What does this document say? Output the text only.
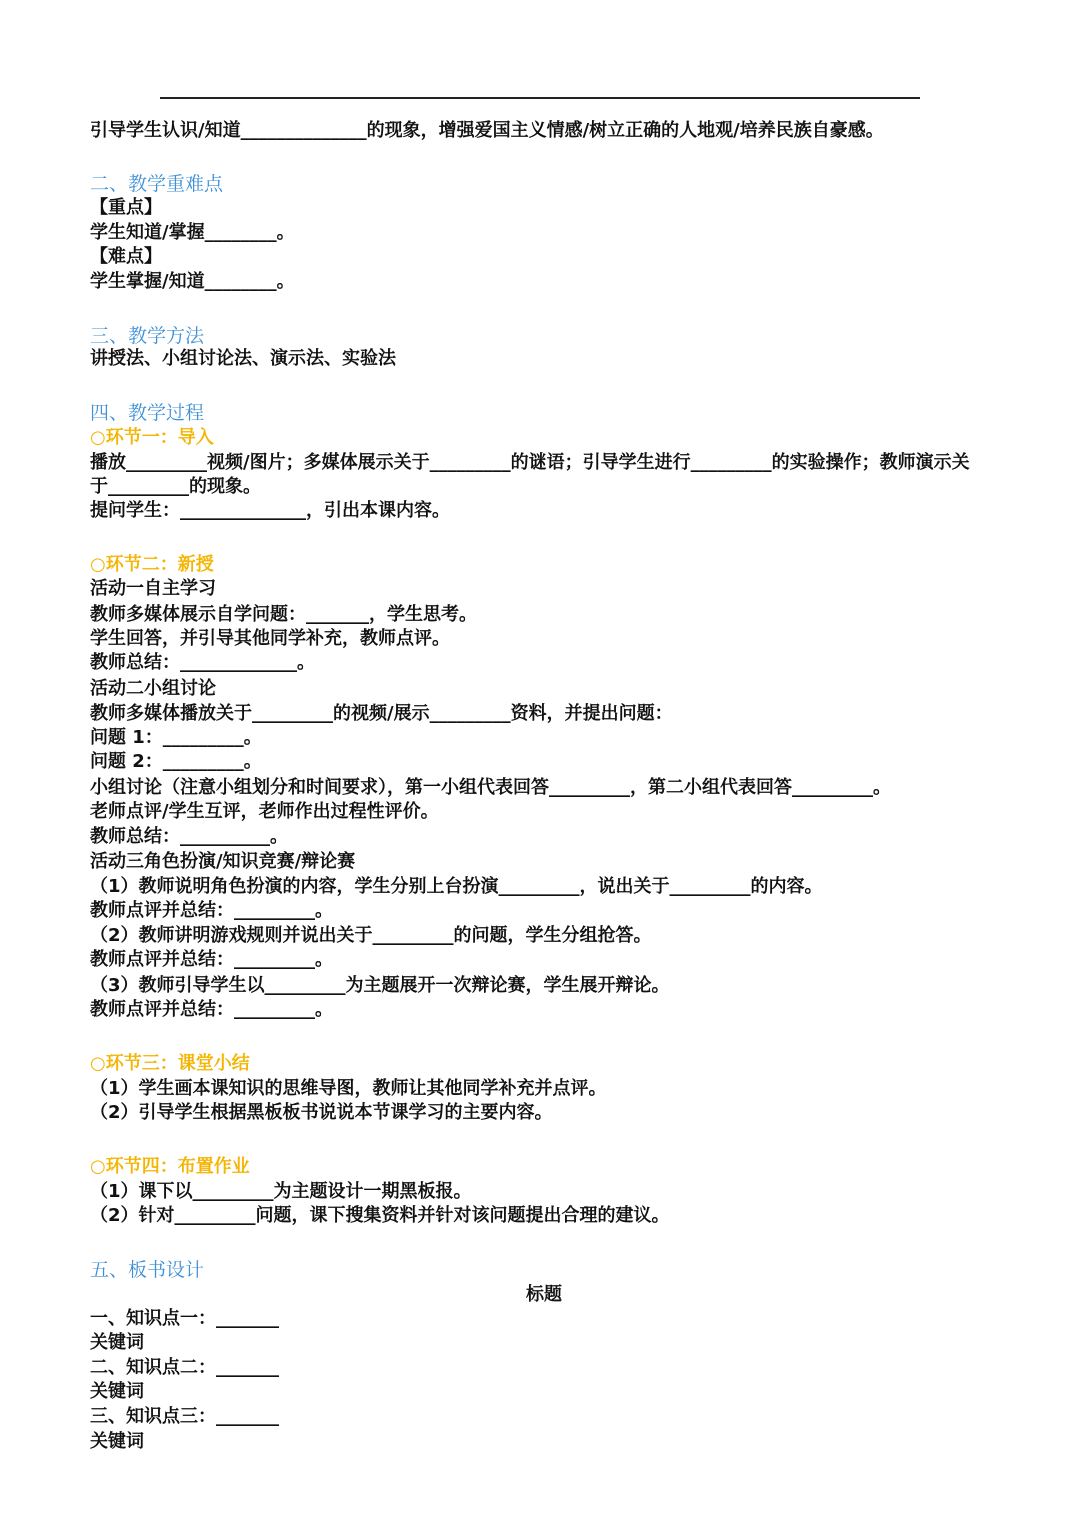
引导学生认识/知道______________的现象，增强爱国主义情感/树立正确的人地观/培养民族自豪感。

二、教学重难点

【重点】

学生知道/掌握________。

【难点】

学生掌握/知道________。

三、教学方法

讲授法、小组讨论法、演示法、实验法

四、教学过程

○环节一：导入

播放_________视频/图片；多媒体展示关于_________的谜语；引导学生进行_________的实验操作；教师演示关

于_________的现象。

提问学生：______________，引出本课内容。

○环节二：新授

活动一自主学习

教师多媒体展示自学问题：_______，学生思考。

学生回答，并引导其他同学补充，教师点评。

教师总结：_____________。

活动二小组讨论

教师多媒体播放关于_________的视频/展示_________资料，并提出问题：

问题 1：_________。

问题 2：_________。

小组讨论（注意小组划分和时间要求），第一小组代表回答_________，第二小组代表回答_________。

老师点评/学生互评，老师作出过程性评价。

教师总结：__________。

活动三角色扮演/知识竞赛/辩论赛

（1）教师说明角色扮演的内容，学生分别上台扮演_________，说出关于_________的内容。

教师点评并总结：_________。

（2）教师讲明游戏规则并说出关于_________的问题，学生分组抢答。

教师点评并总结：_________。

（3）教师引导学生以_________为主题展开一次辩论赛，学生展开辩论。

教师点评并总结：_________。

○环节三：课堂小结

（1）学生画本课知识的思维导图，教师让其他同学补充并点评。

（2）引导学生根据黑板板书说说本节课学习的主要内容。

○环节四：布置作业

（1）课下以_________为主题设计一期黑板报。

（2）针对_________问题，课下搜集资料并针对该问题提出合理的建议。

五、板书设计

标题

一、知识点一：_______

关键词

二、知识点二：_______

关键词

三、知识点三：_______

关键词
